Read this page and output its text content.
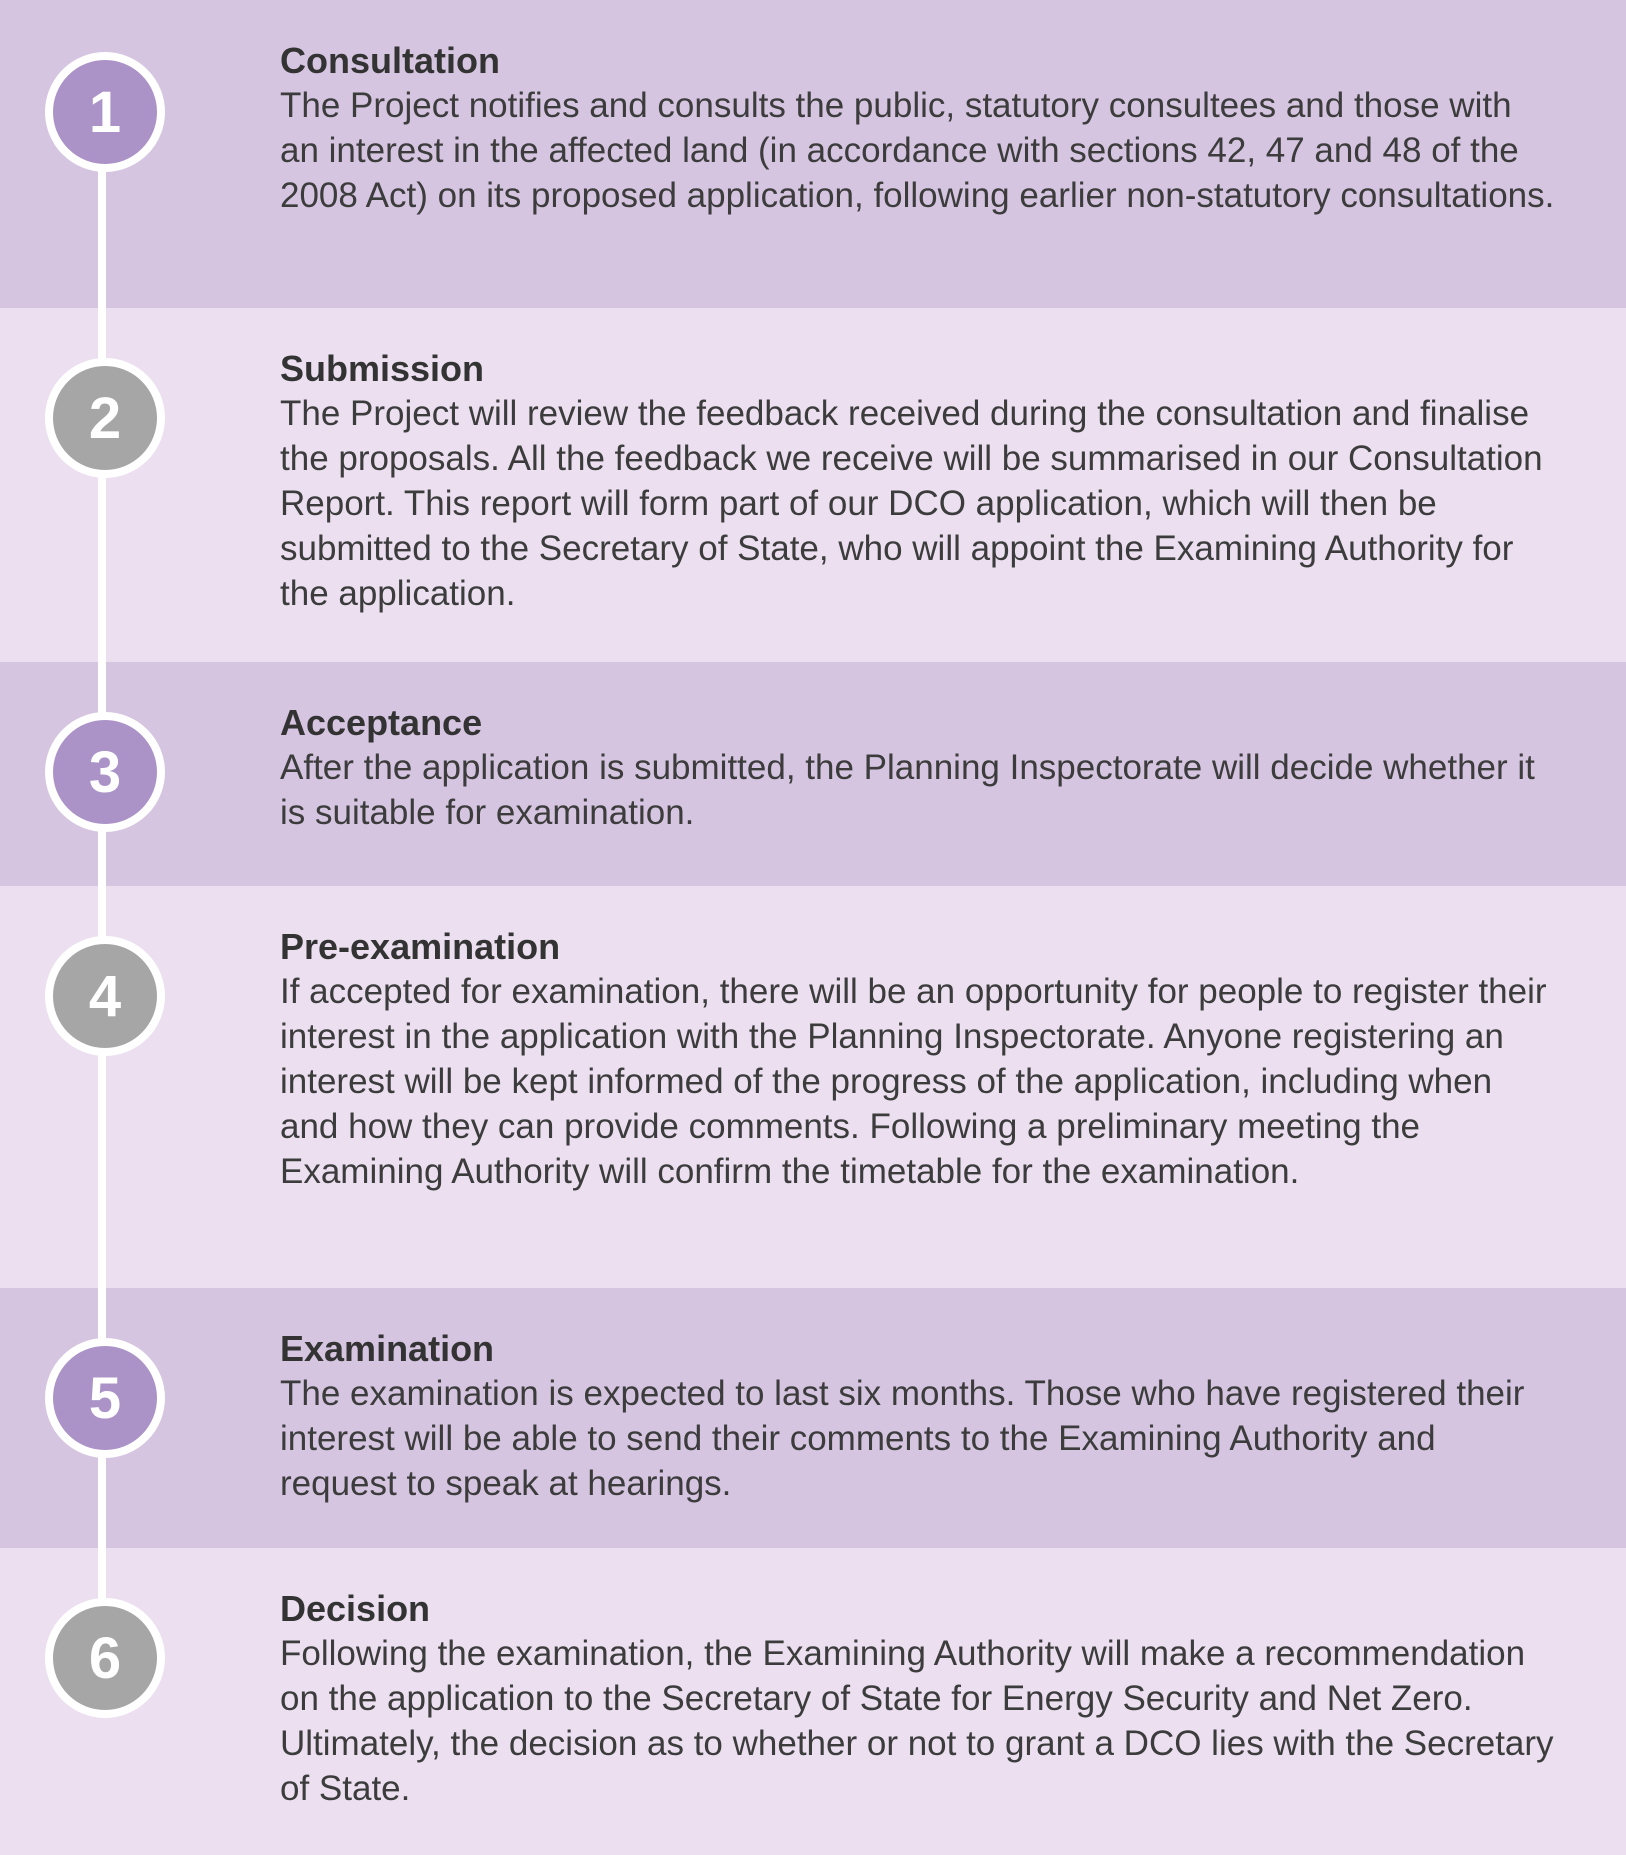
Consultation

The Project notifies and consults the public, statutory consultees and those with an interest in the affected land (in accordance with sections 42, 47 and 48 of the 2008 Act) on its proposed application, following earlier non-statutory consultations.

Submission

The Project will review the feedback received during the consultation and finalise the proposals. All the feedback we receive will be summarised in our Consultation Report. This report will form part of our DCO application, which will then be submitted to the Secretary of State, who will appoint the Examining Authority for the application.

Acceptance

After the application is submitted, the Planning Inspectorate will decide whether it is suitable for examination.

Pre-examination

If accepted for examination, there will be an opportunity for people to register their interest in the application with the Planning Inspectorate. Anyone registering an interest will be kept informed of the progress of the application, including when and how they can provide comments. Following a preliminary meeting the Examining Authority will confirm the timetable for the examination.

Examination

The examination is expected to last six months. Those who have registered their interest will be able to send their comments to the Examining Authority and request to speak at hearings.

Decision

Following the examination, the Examining Authority will make a recommendation on the application to the Secretary of State for Energy Security and Net Zero. Ultimately, the decision as to whether or not to grant a DCO lies with the Secretary of State.

1
2
3
4
5
6
